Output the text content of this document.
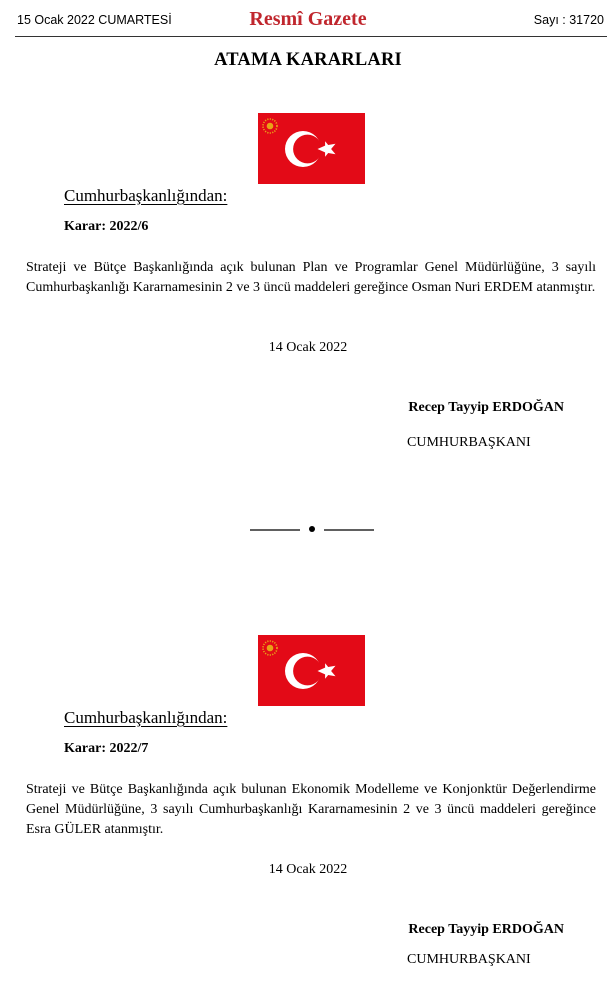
15 Ocak 2022 CUMARTESİ	Resmî Gazete	Sayı : 31720
ATAMA KARARLARI
Cumhurbaşkanlığından:
Karar: 2022/6
Strateji ve Bütçe Başkanlığında açık bulunan Plan ve Programlar Genel Müdürlüğüne, 3 sayılı Cumhurbaşkanlığı Kararnamesinin 2 ve 3 üncü maddeleri gereğince Osman Nuri ERDEM atanmıştır.
14 Ocak 2022
Recep Tayyip ERDOĞAN
CUMHURBAŞKANI
Cumhurbaşkanlığından:
Karar: 2022/7
Strateji ve Bütçe Başkanlığında açık bulunan Ekonomik Modelleme ve Konjonktür Değerlendirme Genel Müdürlüğüne, 3 sayılı Cumhurbaşkanlığı Kararnamesinin 2 ve 3 üncü maddeleri gereğince Esra GÜLER atanmıştır.
14 Ocak 2022
Recep Tayyip ERDOĞAN
CUMHURBAŞKANI
